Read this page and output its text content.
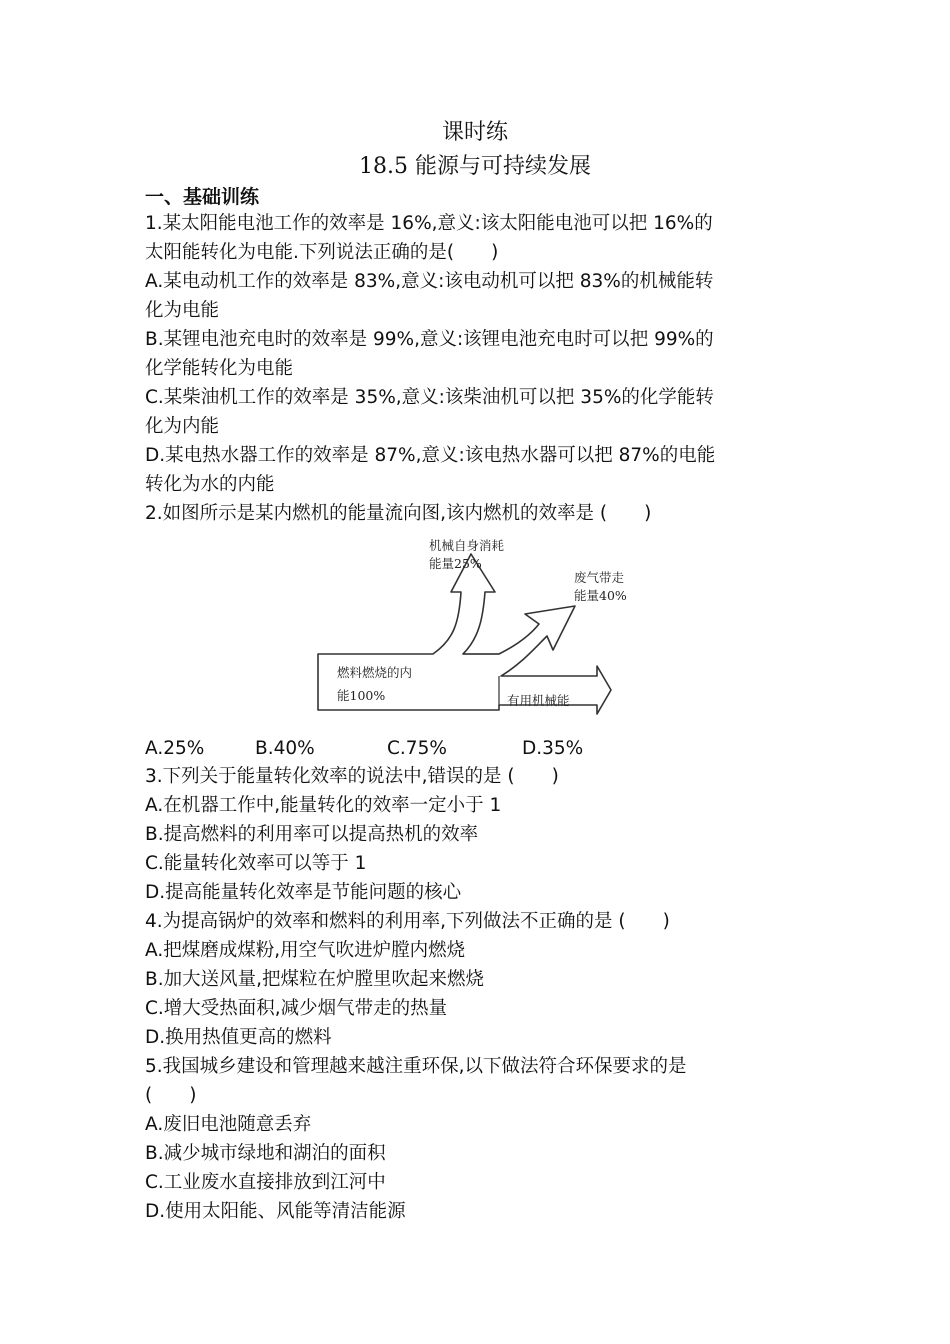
课时练
18.5 能源与可持续发展
一、基础训练
1.某太阳能电池工作的效率是 16%,意义:该太阳能电池可以把 16%的
太阳能转化为电能.下列说法正确的是(　　)
A.某电动机工作的效率是 83%,意义:该电动机可以把 83%的机械能转
化为电能
B.某锂电池充电时的效率是 99%,意义:该锂电池充电时可以把 99%的
化学能转化为电能
C.某柴油机工作的效率是 35%,意义:该柴油机可以把 35%的化学能转
化为内能
D.某电热水器工作的效率是 87%,意义:该电热水器可以把 87%的电能
转化为水的内能
2.如图所示是某内燃机的能量流向图,该内燃机的效率是 (　　)
机械自身消耗
能量25%
废气带走
能量40%
燃料燃烧的内
能100%	有用机械能
A.25%	B.40%	C.75%	D.35%
3.下列关于能量转化效率的说法中,错误的是 (　　)
A.在机器工作中,能量转化的效率一定小于 1
B.提高燃料的利用率可以提高热机的效率
C.能量转化效率可以等于 1
D.提高能量转化效率是节能问题的核心
4.为提高锅炉的效率和燃料的利用率,下列做法不正确的是 (　　)
A.把煤磨成煤粉,用空气吹进炉膛内燃烧
B.加大送风量,把煤粒在炉膛里吹起来燃烧
C.增大受热面积,减少烟气带走的热量
D.换用热值更高的燃料
5.我国城乡建设和管理越来越注重环保,以下做法符合环保要求的是
(　　)
A.废旧电池随意丢弃
B.减少城市绿地和湖泊的面积
C.工业废水直接排放到江河中
D.使用太阳能、风能等清洁能源
